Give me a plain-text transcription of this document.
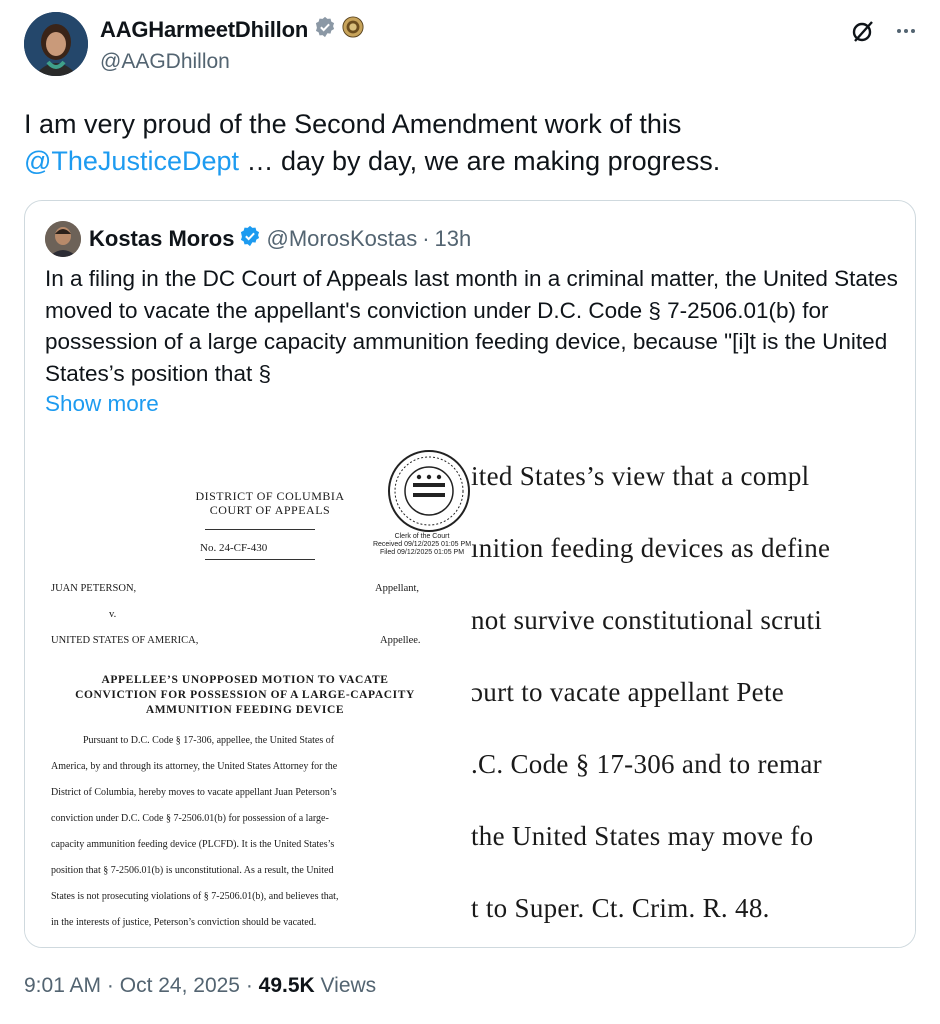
AAGHarmeetDhillon
@AAGDhillon
I am very proud of the Second Amendment work of this
@TheJusticeDept … day by day, we are making progress.
Kostas Moros @MorosKostas · 13h
In a filing in the DC Court of Appeals last month in a criminal matter, the United States moved to vacate the appellant's conviction under D.C. Code § 7-2506.01(b) for possession of a large capacity ammunition feeding device, because "[i]t is the United States’s position that §
Show more
DISTRICT OF COLUMBIA
COURT OF APPEALS
No. 24-CF-430
Clerk of the Court
Received 09/12/2025 01:05 PM
Filed 09/12/2025 01:05 PM
JUAN PETERSON,	Appellant,
v.
UNITED STATES OF AMERICA,	Appellee.
APPELLEE’S UNOPPOSED MOTION TO VACATE
CONVICTION FOR POSSESSION OF A LARGE-CAPACITY
AMMUNITION FEEDING DEVICE
Pursuant to D.C. Code § 17-306, appellee, the United States of
America, by and through its attorney, the United States Attorney for the
District of Columbia, hereby moves to vacate appellant Juan Peterson’s
conviction under D.C. Code § 7-2506.01(b) for possession of a large-
capacity ammunition feeding device (PLCFD). It is the United States’s
position that § 7-2506.01(b) is unconstitutional. As a result, the United
States is not prosecuting violations of § 7-2506.01(b), and believes that,
in the interests of justice, Peterson’s conviction should be vacated.
ited States’s view that a compl
ınition feeding devices as define
not survive constitutional scruti
ɔurt to vacate appellant Pete
.C. Code § 17-306 and to remar
the United States may move fo
t to Super. Ct. Crim. R. 48.
9:01 AM · Oct 24, 2025 · 49.5K Views
